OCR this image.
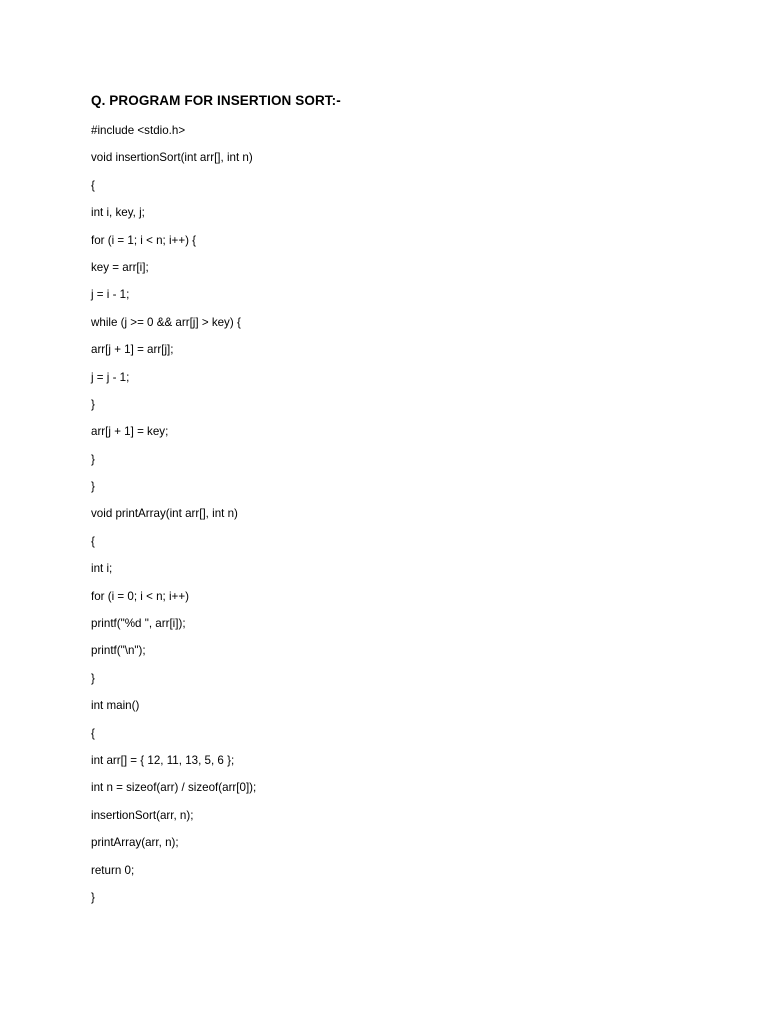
Q. PROGRAM FOR INSERTION SORT:-
#include <stdio.h>
void insertionSort(int arr[], int n)
{
int i, key, j;
for (i = 1; i < n; i++) {
key = arr[i];
j = i - 1;
while (j >= 0 && arr[j] > key) {
arr[j + 1] = arr[j];
j = j - 1;
}
arr[j + 1] = key;
}
}
void printArray(int arr[], int n)
{
int i;
for (i = 0; i < n; i++)
printf("%d ", arr[i]);
printf("\n");
}
int main()
{
int arr[] = { 12, 11, 13, 5, 6 };
int n = sizeof(arr) / sizeof(arr[0]);
insertionSort(arr, n);
printArray(arr, n);
return 0;
}
